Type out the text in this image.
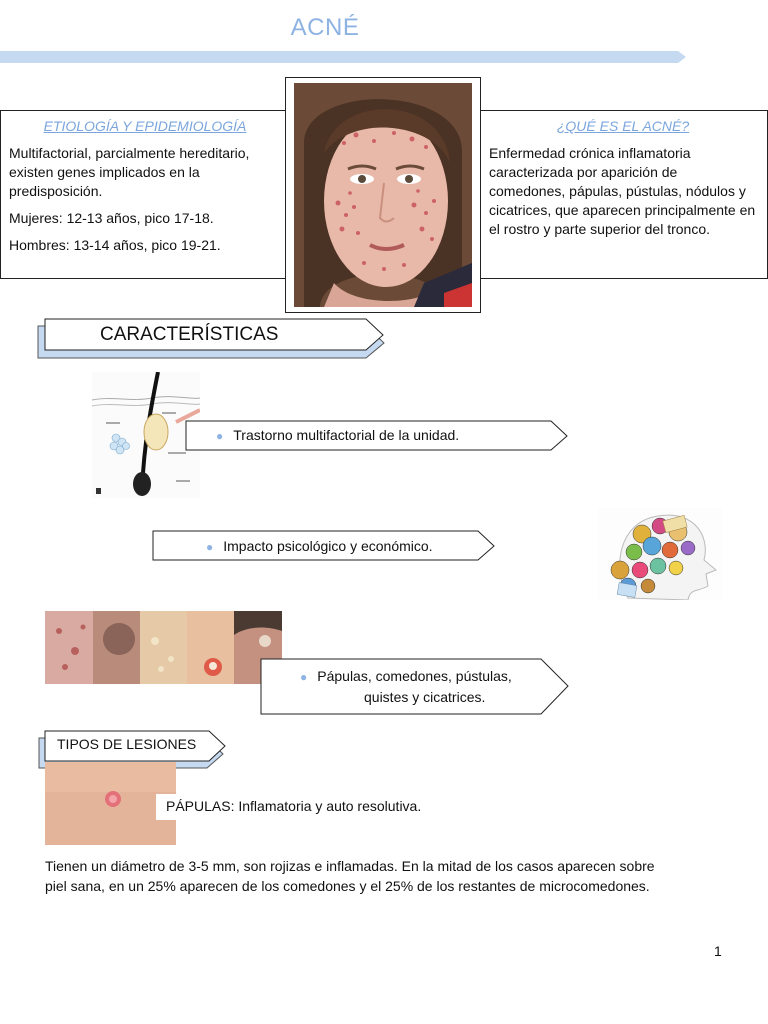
ACNÉ
ETIOLOGÍA Y EPIDEMIOLOGÍA

Multifactorial, parcialmente hereditario, existen genes implicados en la predisposición.

Mujeres: 12-13 años, pico 17-18.

Hombres: 13-14 años, pico 19-21.

¿QUÉ ES EL ACNÉ?

Enfermedad crónica inflamatoria caracterizada por aparición de comedones, pápulas, pústulas, nódulos y cicatrices, que aparecen principalmente en el rostro y parte superior del tronco.

CARACTERÍSTICAS
● Trastorno multifactorial de la unidad.
● Impacto psicológico y económico.
● Pápulas, comedones, pústulas,
quistes y cicatrices.
TIPOS DE LESIONES
PÁPULAS: Inflamatoria y auto resolutiva.
Tienen un diámetro de 3-5 mm, son rojizas e inflamadas. En la mitad de los casos aparecen sobre
piel sana, en un 25% aparecen de los comedones y el 25% de los restantes de microcomedones.
1
